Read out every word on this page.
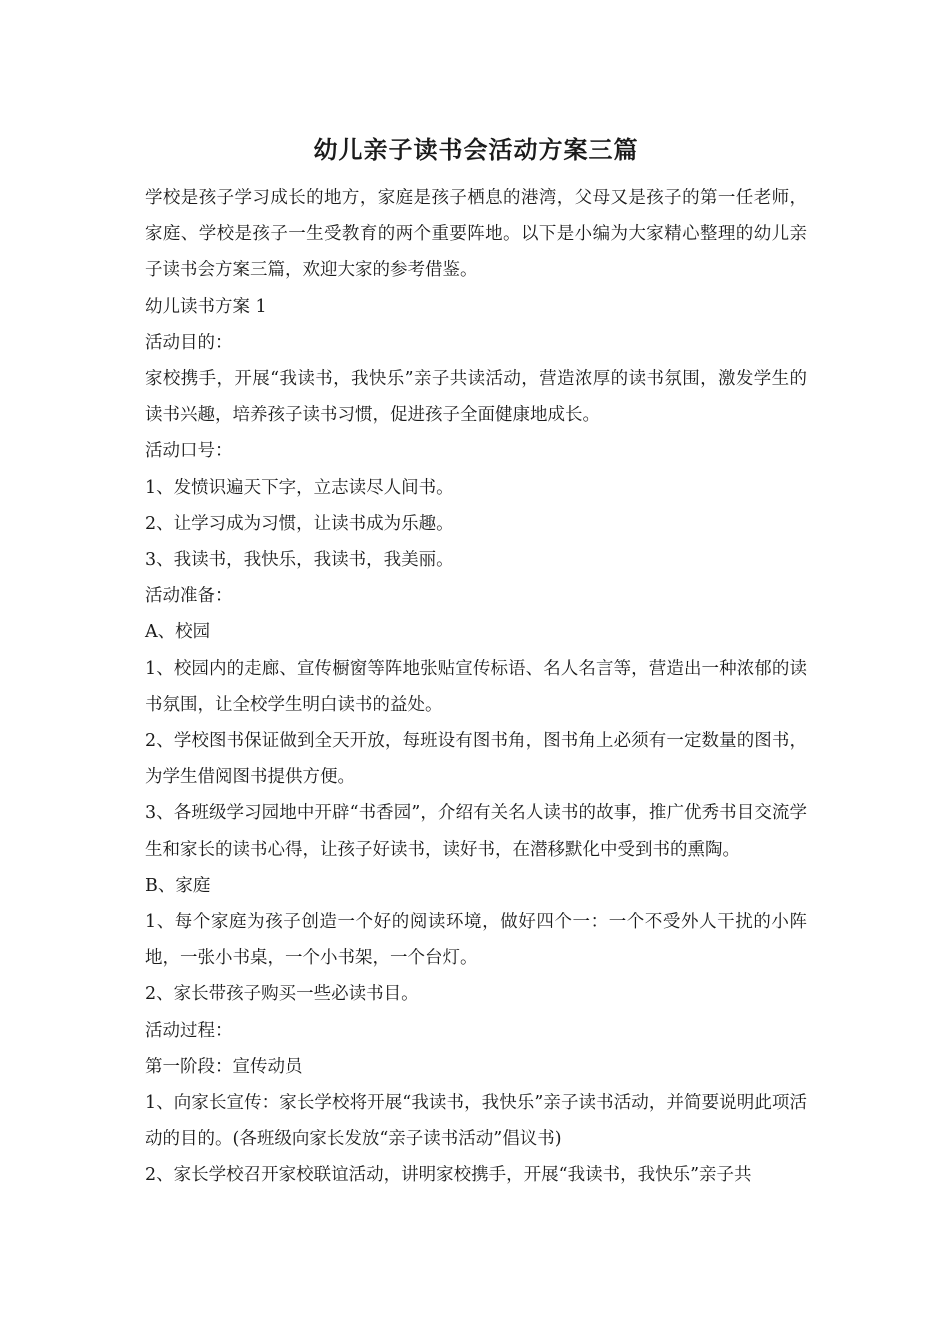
幼儿亲子读书会活动方案三篇

学校是孩子学习成长的地方，家庭是孩子栖息的港湾，父母又是孩子的第一任老师，家庭、学校是孩子一生受教育的两个重要阵地。以下是小编为大家精心整理的幼儿亲子读书会方案三篇，欢迎大家的参考借鉴。

幼儿读书方案 1

活动目的：

家校携手，开展“我读书，我快乐”亲子共读活动，营造浓厚的读书氛围，激发学生的读书兴趣，培养孩子读书习惯，促进孩子全面健康地成长。

活动口号：

1、发愤识遍天下字，立志读尽人间书。

2、让学习成为习惯，让读书成为乐趣。

3、我读书，我快乐，我读书，我美丽。

活动准备：

A、校园

1、校园内的走廊、宣传橱窗等阵地张贴宣传标语、名人名言等，营造出一种浓郁的读书氛围，让全校学生明白读书的益处。

2、学校图书保证做到全天开放，每班设有图书角，图书角上必须有一定数量的图书，为学生借阅图书提供方便。

3、各班级学习园地中开辟“书香园”，介绍有关名人读书的故事，推广优秀书目交流学生和家长的读书心得，让孩子好读书，读好书，在潜移默化中受到书的熏陶。

B、家庭

1、每个家庭为孩子创造一个好的阅读环境，做好四个一：一个不受外人干扰的小阵地，一张小书桌，一个小书架，一个台灯。

2、家长带孩子购买一些必读书目。

活动过程：

第一阶段：宣传动员

1、向家长宣传：家长学校将开展“我读书，我快乐”亲子读书活动，并简要说明此项活动的目的。(各班级向家长发放“亲子读书活动”倡议书)

2、家长学校召开家校联谊活动，讲明家校携手，开展“我读书，我快乐”亲子共
